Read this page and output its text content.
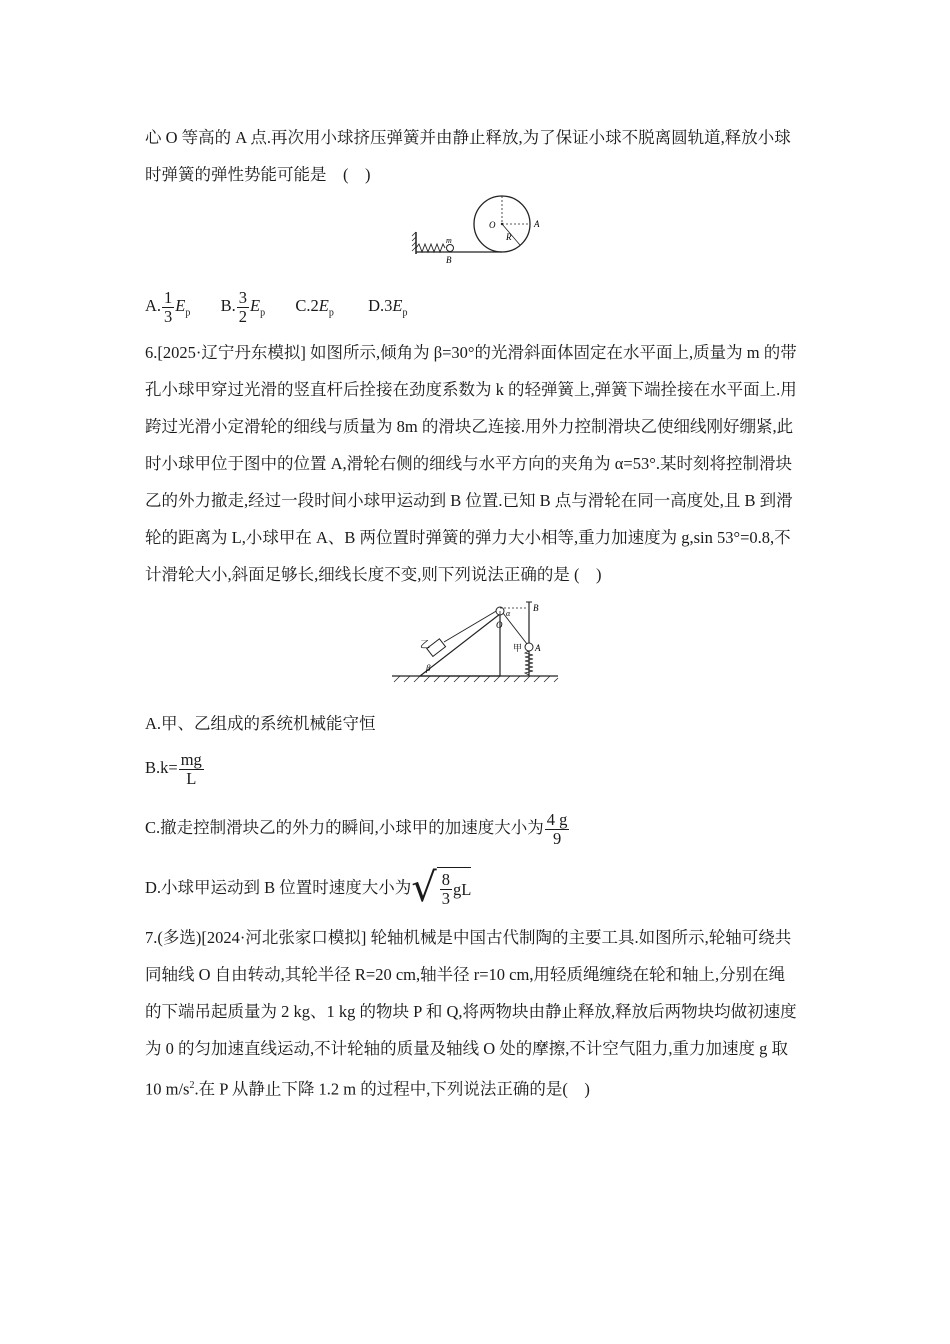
心 O 等高的 A 点.再次用小球挤压弹簧并由静止释放,为了保证小球不脱离圆轨道,释放小球
时弹簧的弹性势能可能是　(　)
O	A
R
m
B
A. $\frac{1}{3} E_p$ B. $\frac{3}{2} E_p$ $C.2E_p$ $D.3E_p$
6.[2025·辽宁丹东模拟] 如图所示,倾角为 β=30°的光滑斜面体固定在水平面上,质量为 m 的带
孔小球甲穿过光滑的竖直杆后拴接在劲度系数为 k 的轻弹簧上,弹簧下端拴接在水平面上.用
跨过光滑小定滑轮的细线与质量为 8m 的滑块乙连接.用外力控制滑块乙使细线刚好绷紧,此
时小球甲位于图中的位置 A,滑轮右侧的细线与水平方向的夹角为 α=53°.某时刻将控制滑块
乙的外力撤走,经过一段时间小球甲运动到 B 位置.已知 B 点与滑轮在同一高度处,且 B 到滑
轮的距离为 L,小球甲在 A、B 两位置时弹簧的弹力大小相等,重力加速度为 g,sin 53°=0.8,不
计滑轮大小,斜面足够长,细线长度不变,则下列说法正确的是 (　)
乙
β
α
O
B
甲 A
A.甲、乙组成的系统机械能守恒
$B.k= \frac{mg}{L}$
C.撤走控制滑块乙的外力的瞬间,小球甲的加速度大小为 $\frac{4 g}{9}$
D.小球甲运动到 B 位置时速度大小为 √ $\frac{8}{3}$ gL
7.(多选)[2024·河北张家口模拟] 轮轴机械是中国古代制陶的主要工具.如图所示,轮轴可绕共
同轴线 O 自由转动,其轮半径 R=20 cm,轴半径 r=10 cm,用轻质绳缠绕在轮和轴上,分别在绳
的下端吊起质量为 2 kg、1 kg 的物块 P 和 Q,将两物块由静止释放,释放后两物块均做初速度
为 0 的匀加速直线运动,不计轮轴的质量及轴线 O 处的摩擦,不计空气阻力,重力加速度 g 取
10 $m/s^2$.在 P 从静止下降 1.2 m 的过程中,下列说法正确的是(　)
